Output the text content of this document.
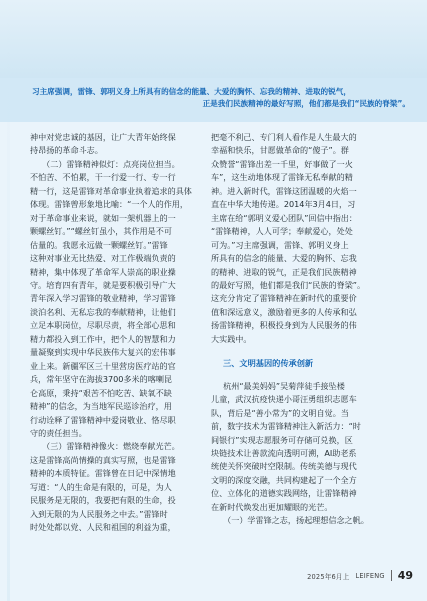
习主席强调，雷锋、郭明义身上所具有的信念的能量、大爱的胸怀、忘我的精神、进取的锐气，
正是我们民族精神的最好写照，他们都是我们“民族的脊梁”。

神中对党忠诚的基因，让广大青年始终保
持昂扬的革命斗志。

（二）雷锋精神似灯：点亮岗位担当。
不怕苦、不怕累，干一行爱一行、专一行
精一行，这是雷锋对革命事业执着追求的具体
体现。雷锋曾形象地比喻：“一个人的作用，
对于革命事业来说，就如一架机器上的一
颗螺丝钉。”“螺丝钉虽小，其作用是不可
估量的。我愿永远做一颗螺丝钉。”雷锋
这种对事业无比热爱、对工作极端负责的
精神，集中体现了革命军人崇高的职业操
守。培育四有青年，就是要积极引导广大
青年深入学习雷锋的敬业精神，学习雷锋
淡泊名利、无私忘我的奉献精神，让他们
立足本职岗位，尽职尽责，将全部心思和
精力都投入到工作中，把个人的智慧和力
量凝聚到实现中华民族伟大复兴的宏伟事
业上来。新疆军区三十里营房医疗站的官
兵，常年坚守在海拔3700多米的喀喇昆
仑高原，秉持“艰苦不怕吃苦、缺氧不缺
精神”的信念，为当地军民巡诊治疗，用
行动诠释了雷锋精神中爱岗敬业、恪尽职
守的责任担当。

（三）雷锋精神像火：燃烧奉献光芒。
这是雷锋高尚情操的真实写照，也是雷锋
精神的本质特征。雷锋曾在日记中深情地
写道：“人的生命是有限的，可是，为人
民服务是无限的，我要把有限的生命，投
入到无限的为人民服务之中去。”雷锋时
时处处都以党、人民和祖国的利益为重，

把毫不利己、专门利人看作是人生最大的
幸福和快乐，甘愿做革命的“傻子”。群
众赞誉“雷锋出差一千里，好事做了一火
车”，这生动地体现了雷锋无私奉献的精
神。进入新时代，雷锋这团温暖的火焰一
直在中华大地传递。2014年3月4日，习
主席在给“郭明义爱心团队”回信中指出：
“雷锋精神，人人可学；奉献爱心，处处
可为。”习主席强调，雷锋、郭明义身上
所具有的信念的能量、大爱的胸怀、忘我
的精神、进取的锐气，正是我们民族精神
的最好写照，他们都是我们“民族的脊梁”。
这充分肯定了雷锋精神在新时代的重要价
值和深远意义，激励着更多的人传承和弘
扬雷锋精神，积极投身到为人民服务的伟
大实践中。

三、文明基因的传承创新

杭州“最美妈妈”吴菊萍徒手接坠楼
儿童，武汉抗疫快递小哥汪勇组织志愿车
队，背后是“善小常为”的文明自觉。当
前，数字技术为雷锋精神注入新活力：“时
间银行”实现志愿服务可存储可兑换，区
块链技术让善款流向透明可溯，AI助老系
统使关怀突破时空限制。传统美德与现代
文明的深度交融，共同构建起了一个全方
位、立体化的道德实践网络，让雷锋精神
在新时代焕发出更加耀眼的光芒。

（一）学雷锋之志，扬起理想信念之帆。

2025年6月上 LEIFENG 49
